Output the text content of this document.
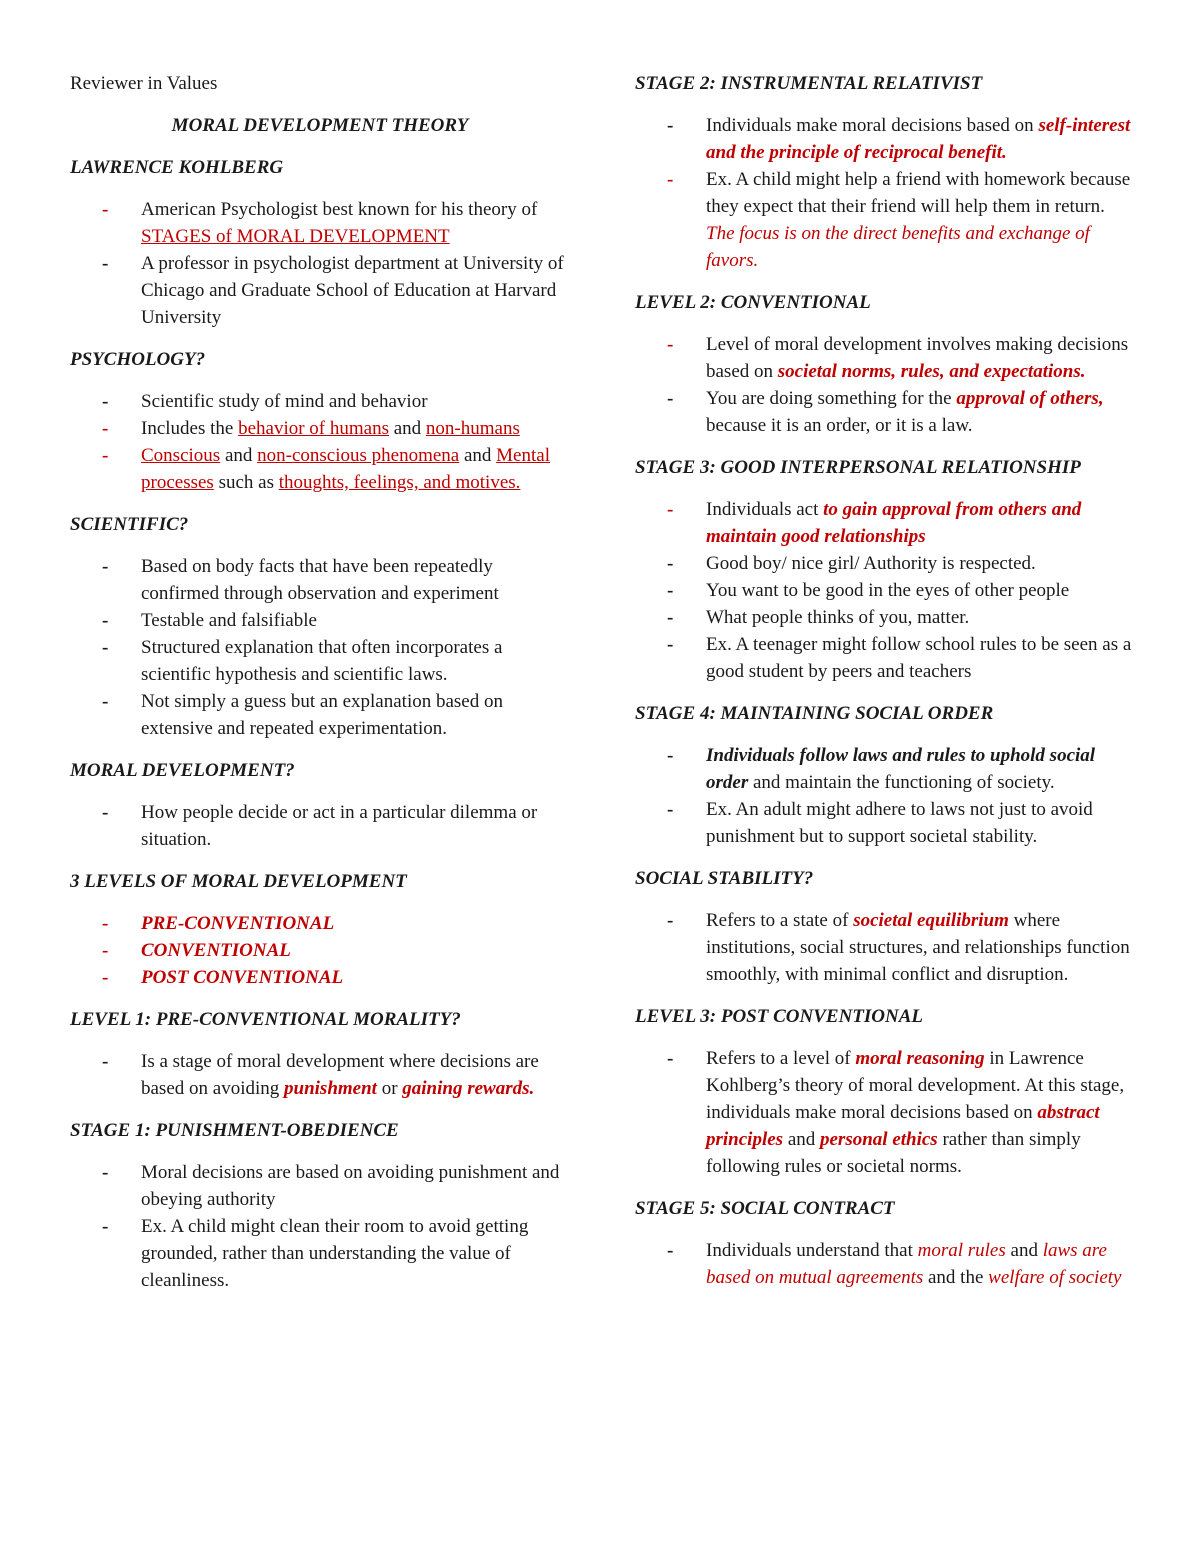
Reviewer in Values
MORAL DEVELOPMENT THEORY
LAWRENCE KOHLBERG
- American Psychologist best known for his theory of STAGES of MORAL DEVELOPMENT
- A professor in psychologist department at University of Chicago and Graduate School of Education at Harvard University
PSYCHOLOGY?
- Scientific study of mind and behavior
- Includes the behavior of humans and non-humans
- Conscious and non-conscious phenomena and Mental processes such as thoughts, feelings, and motives.
SCIENTIFIC?
- Based on body facts that have been repeatedly confirmed through observation and experiment
- Testable and falsifiable
- Structured explanation that often incorporates a scientific hypothesis and scientific laws.
- Not simply a guess but an explanation based on extensive and repeated experimentation.
MORAL DEVELOPMENT?
- How people decide or act in a particular dilemma or situation.
3 LEVELS OF MORAL DEVELOPMENT
- PRE-CONVENTIONAL
- CONVENTIONAL
- POST CONVENTIONAL
LEVEL 1: PRE-CONVENTIONAL MORALITY?
- Is a stage of moral development where decisions are based on avoiding punishment or gaining rewards.
STAGE 1: PUNISHMENT-OBEDIENCE
- Moral decisions are based on avoiding punishment and obeying authority
- Ex. A child might clean their room to avoid getting grounded, rather than understanding the value of cleanliness.
STAGE 2: INSTRUMENTAL RELATIVIST
- Individuals make moral decisions based on self-interest and the principle of reciprocal benefit.
- Ex. A child might help a friend with homework because they expect that their friend will help them in return. The focus is on the direct benefits and exchange of favors.
LEVEL 2: CONVENTIONAL
- Level of moral development involves making decisions based on societal norms, rules, and expectations.
- You are doing something for the approval of others, because it is an order, or it is a law.
STAGE 3: GOOD INTERPERSONAL RELATIONSHIP
- Individuals act to gain approval from others and maintain good relationships
- Good boy/ nice girl/ Authority is respected.
- You want to be good in the eyes of other people
- What people thinks of you, matter.
- Ex. A teenager might follow school rules to be seen as a good student by peers and teachers
STAGE 4: MAINTAINING SOCIAL ORDER
- Individuals follow laws and rules to uphold social order and maintain the functioning of society.
- Ex. An adult might adhere to laws not just to avoid punishment but to support societal stability.
SOCIAL STABILITY?
- Refers to a state of societal equilibrium where institutions, social structures, and relationships function smoothly, with minimal conflict and disruption.
LEVEL 3: POST CONVENTIONAL
- Refers to a level of moral reasoning in Lawrence Kohlberg’s theory of moral development. At this stage, individuals make moral decisions based on abstract principles and personal ethics rather than simply following rules or societal norms.
STAGE 5: SOCIAL CONTRACT
- Individuals understand that moral rules and laws are based on mutual agreements and the welfare of society
